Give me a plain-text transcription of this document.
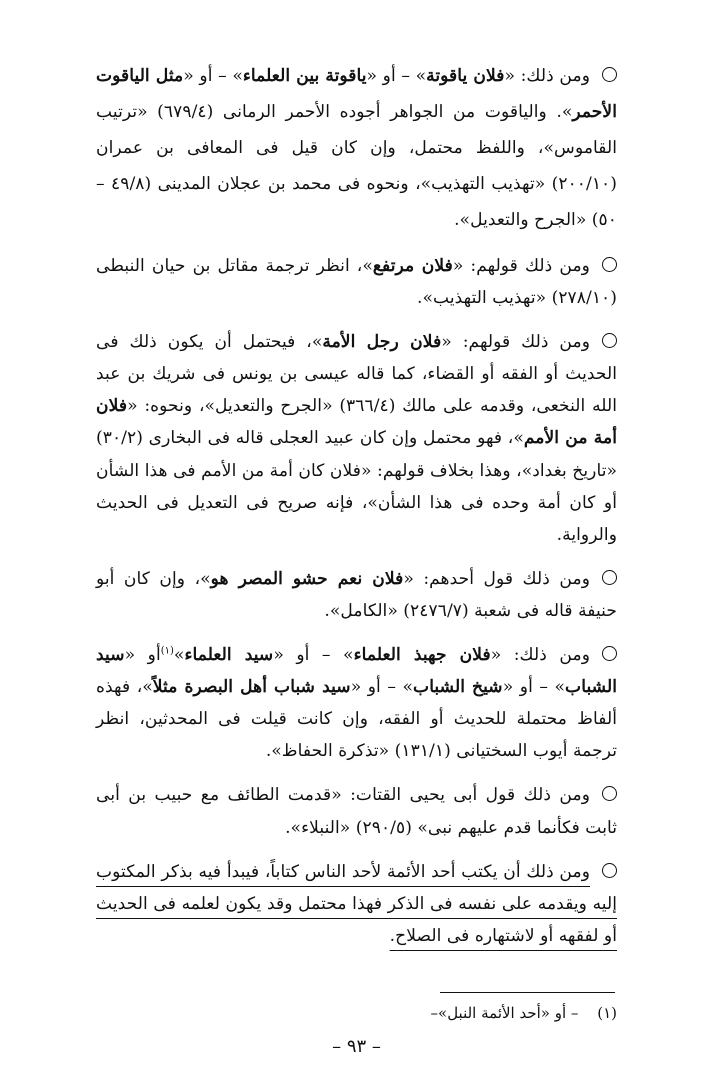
ومن ذلك: «فلان ياقوتة» – أو «ياقوتة بين العلماء» – أو «مثل الياقوت الأحمر». والياقوت من الجواهر أجوده الأحمر الرمانى (٦٧٩/٤) «ترتيب القاموس»، واللفظ محتمل، وإن كان قيل فى المعافى بن عمران (٢٠٠/١٠) «تهذيب التهذيب»، ونحوه فى محمد بن عجلان المدينى (٤٩/٨ – ٥٠) «الجرح والتعديل».

ومن ذلك قولهم: «فلان مرتفع»، انظر ترجمة مقاتل بن حيان النبطى (٢٧٨/١٠) «تهذيب التهذيب».

ومن ذلك قولهم: «فلان رجل الأمة»، فيحتمل أن يكون ذلك فى الحديث أو الفقه أو القضاء، كما قاله عيسى بن يونس فى شريك بن عبد الله النخعى، وقدمه على مالك (٣٦٦/٤) «الجرح والتعديل»، ونحوه: «فلان أمة من الأمم»، فهو محتمل وإن كان عبيد العجلى قاله فى البخارى (٣٠/٢) «تاريخ بغداد»، وهذا بخلاف قولهم: «فلان كان أمة من الأمم فى هذا الشأن أو كان أمة وحده فى هذا الشأن»، فإنه صريح فى التعديل فى الحديث والرواية.

ومن ذلك قول أحدهم: «فلان نعم حشو المصر هو»، وإن كان أبو حنيفة قاله فى شعبة (٢٤٧٦/٧) «الكامل».

ومن ذلك: «فلان جهبذ العلماء» – أو «سيد العلماء»$^{(١)}$أو «سيد الشباب» – أو «شيخ الشباب» – أو «سيد شباب أهل البصرة مثلاً»، فهذه ألفاظ محتملة للحديث أو الفقه، وإن كانت قيلت فى المحدثين، انظر ترجمة أيوب السختيانى (١٣١/١) «تذكرة الحفاظ».

ومن ذلك قول أبى يحيى القتات: «قدمت الطائف مع حبيب بن أبى ثابت فكأنما قدم عليهم نبى» (٢٩٠/٥) «النبلاء».

ومن ذلك أن يكتب أحد الأئمة لأحد الناس كتاباً، فيبدأ فيه بذكر المكتوب إليه ويقدمه على نفسه فى الذكر فهذا محتمل وقد يكون لعلمه فى الحديث أو لفقهه أو لاشتهاره فى الصلاح.

(١) – أو «أحد الأئمة النبل»–
– ٩٣ –
